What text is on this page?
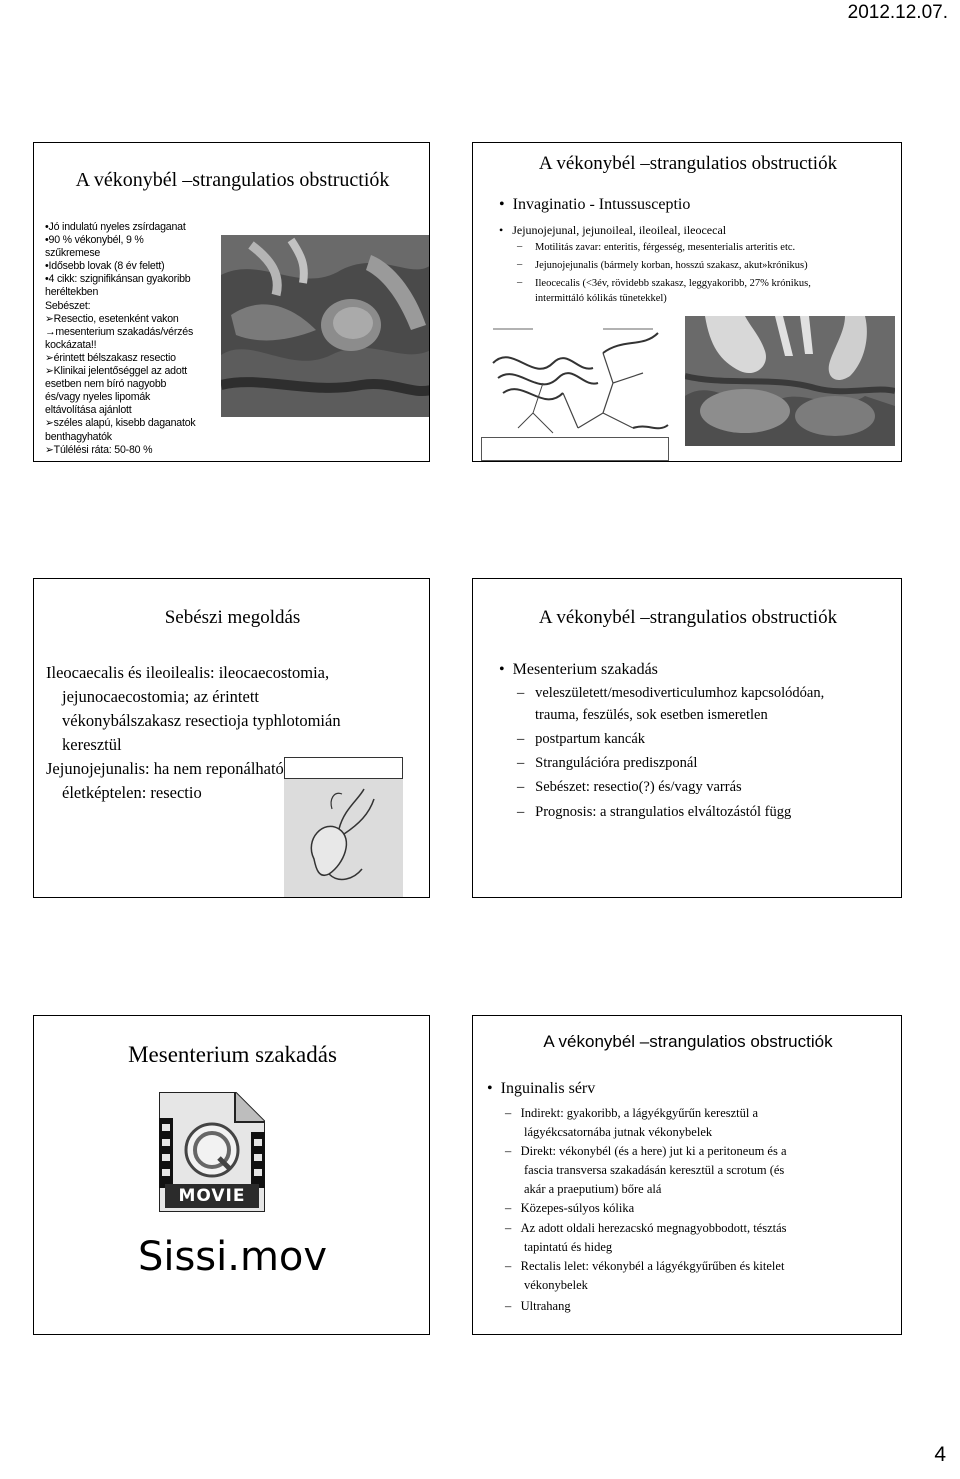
2012.12.07.
A vékonybél –strangulatios obstructiók
•Jó indulatú nyeles zsírdaganat
•90 % vékonybél, 9 %
szűkremese
•Idősebb lovak (8 év felett)
•4 cikk: szignifikánsan gyakoribb
heréltekben
Sebészet:
➢Resectio, esetenként vakon
→mesenterium szakadás/vérzés
kockázata!!
➢érintett bélszakasz resectio
➢Klinikai jelentőséggel az adott
esetben nem bíró nagyobb
és/vagy nyeles lipomák
eltávolítása ajánlott
➢széles alapú, kisebb daganatok
benthagyhatók
➢Túlélési ráta: 50-80 %
A vékonybél –strangulatios obstructiók
•  Invaginatio - Intussusceptio
•   Jejunojejunal, jejunoileal, ileoileal, ileocecal
– Motilitás zavar: enteritis, férgesség, mesenterialis arteritis etc.
– Jejunojejunalis (bármely korban, hosszú szakasz, akut»krónikus)
– Ileocecalis (<3év, rövidebb szakasz, leggyakoribb, 27% krónikus,
intermittáló kólikás tünetekkel)
Sebészi megoldás
Ileocaecalis és ileoilealis: ileocaecostomia,
jejunocaecostomia; az érintett
vékonybálszakasz resectioja typhlotomián
keresztül
Jejunojejunalis: ha nem reponálható
életképtelen: resectio
A vékonybél –strangulatios obstructiók
•  Mesenterium szakadás
–   veleszületett/mesodiverticulumhoz kapcsolódóan,
trauma, feszülés, sok esetben ismeretlen
–   postpartum kancák
–   Strangulációra prediszponál
–   Sebészet: resectio(?) és/vagy varrás
–   Prognosis: a strangulatios elváltozástól függ
Mesenterium szakadás
MOVIE
Sissi.mov
A vékonybél –strangulatios obstructiók
•  Inguinalis sérv
–   Indirekt: gyakoribb, a lágyékgyűrűn keresztül a
lágyékcsatornába jutnak vékonybelek
–   Direkt: vékonybél (és a here) jut ki a peritoneum és a
fascia transversa szakadásán keresztül a scrotum (és
akár a praeputium) bőre alá
–   Közepes-súlyos kólika
–   Az adott oldali herezacskó megnagyobbodott, tésztás
tapintatú és hideg
–   Rectalis lelet: vékonybél a lágyékgyűrűben és kitelet
vékonybelek
–   Ultrahang
4
